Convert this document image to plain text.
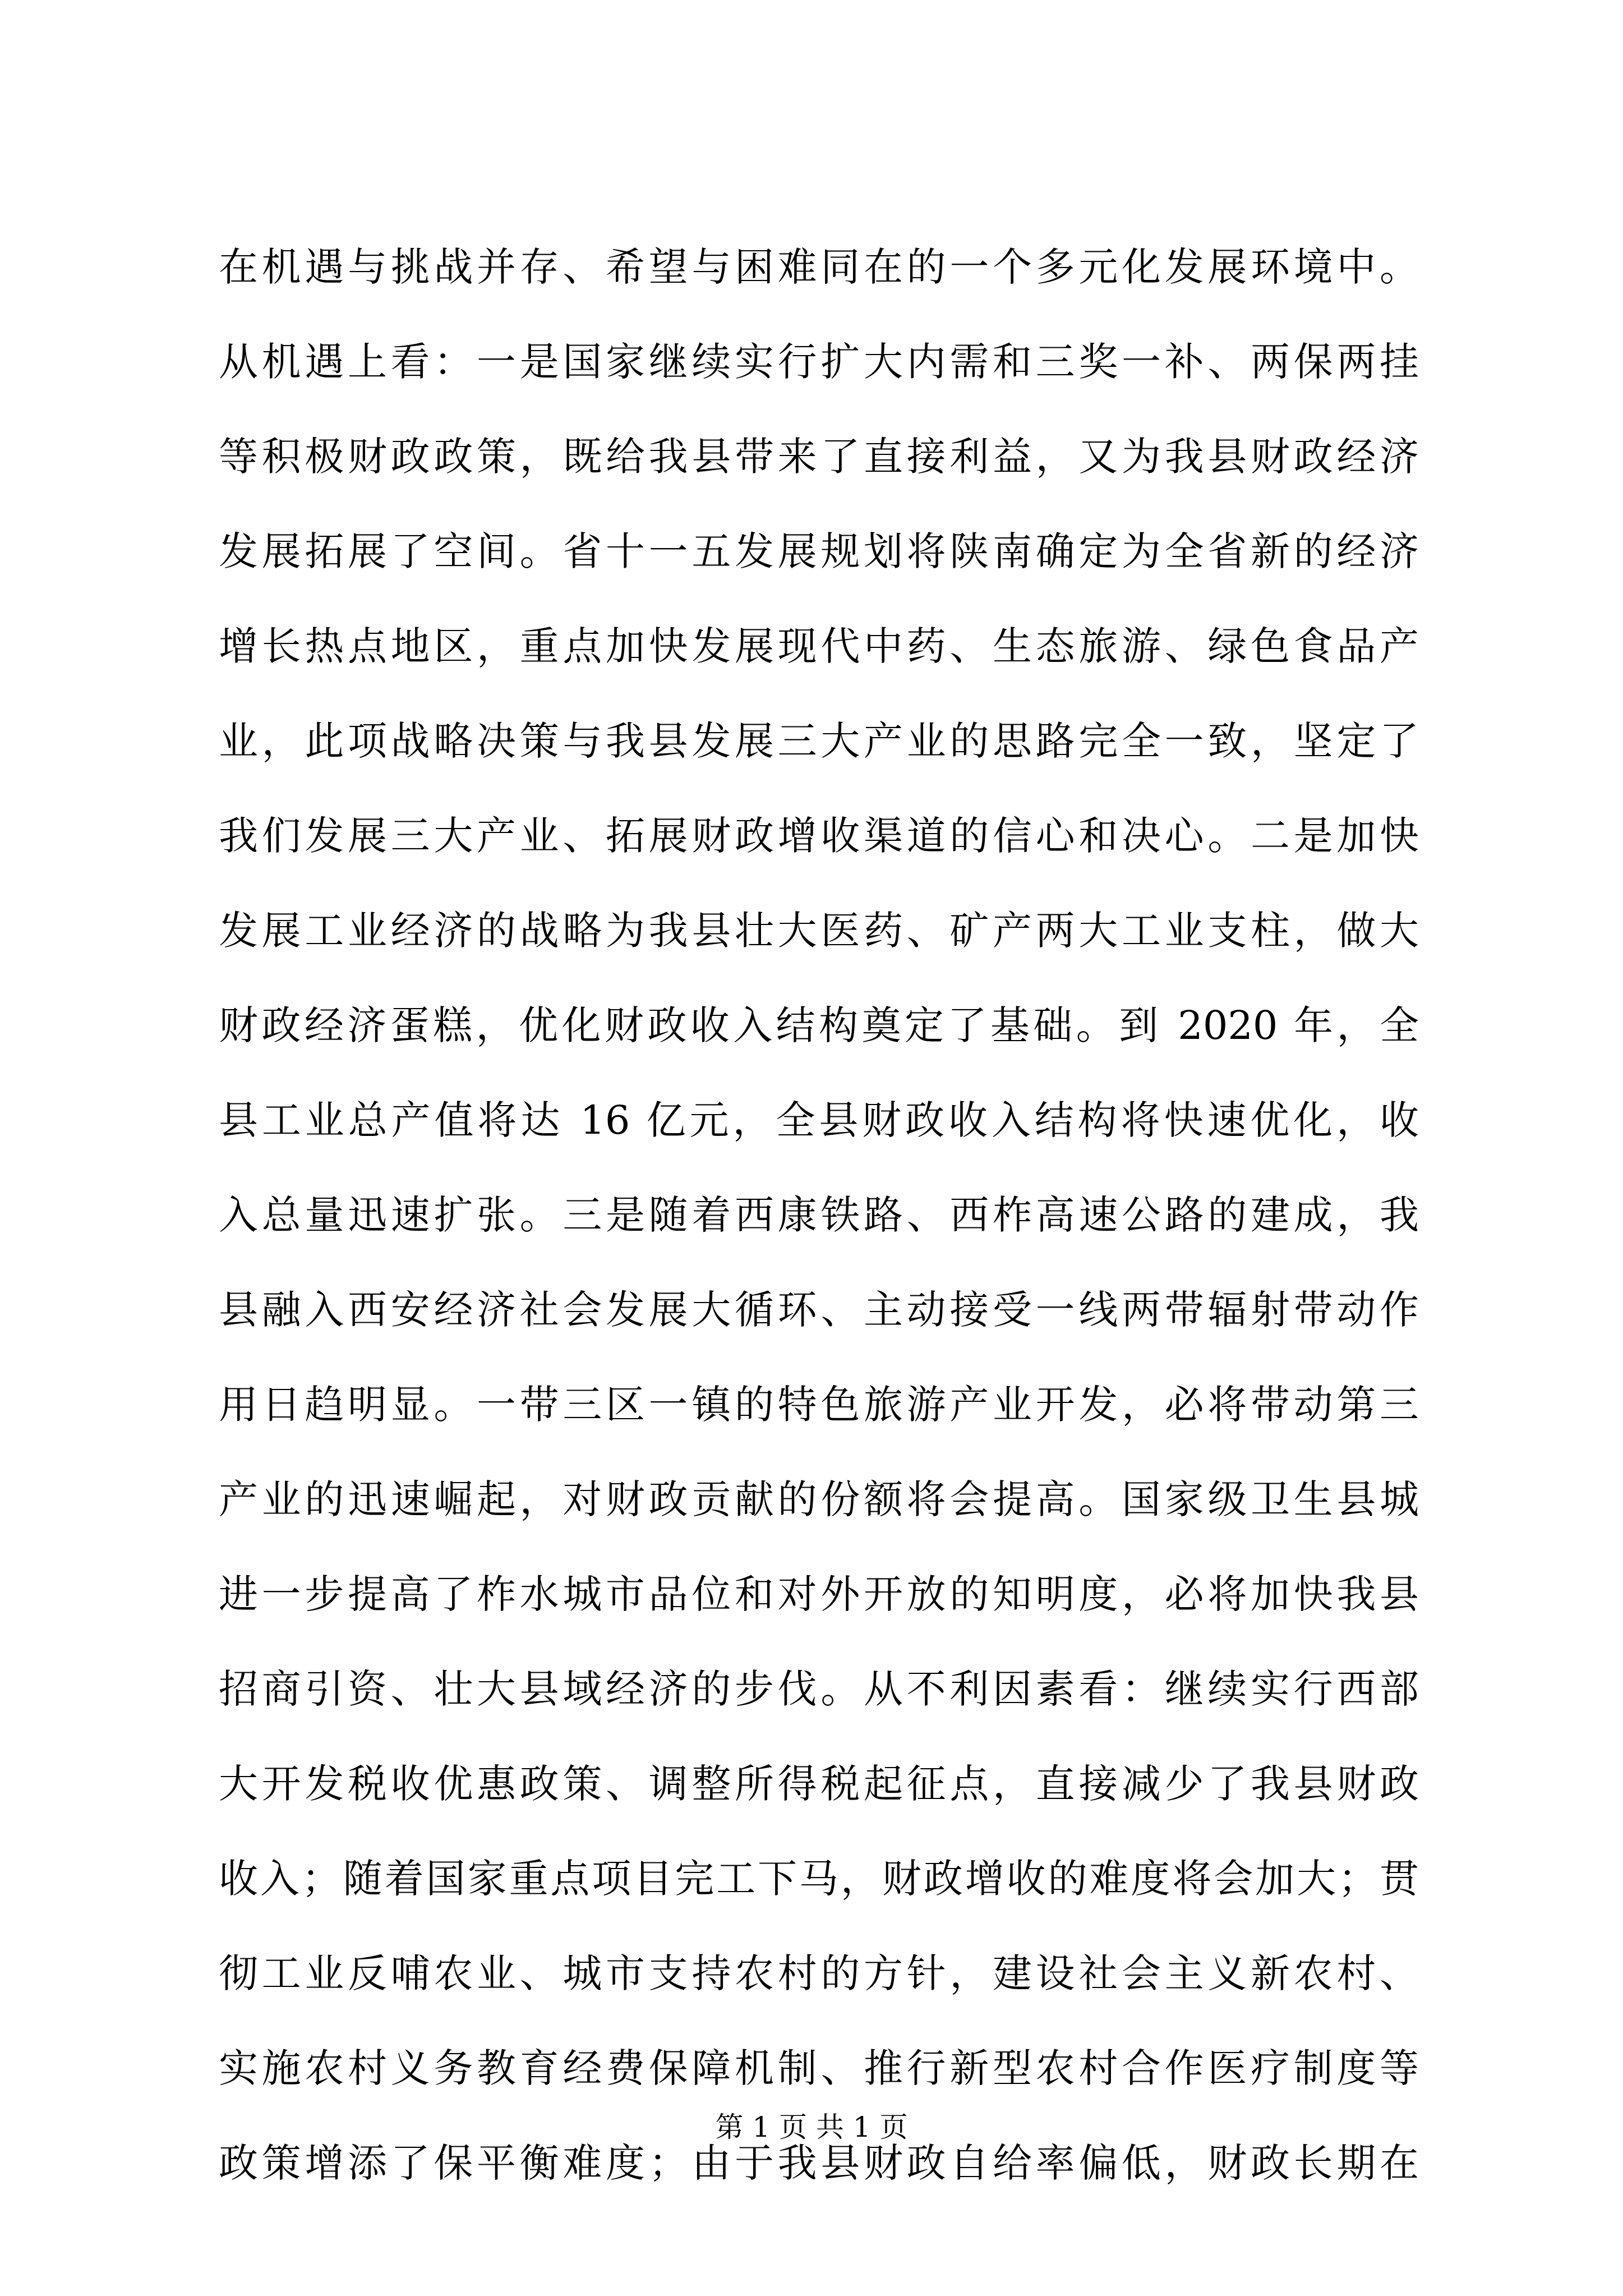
在机遇与挑战并存、希望与困难同在的一个多元化发展环境中。
从机遇上看：一是国家继续实行扩大内需和三奖一补、两保两挂
等积极财政政策，既给我县带来了直接利益，又为我县财政经济
发展拓展了空间。省十一五发展规划将陕南确定为全省新的经济
增长热点地区，重点加快发展现代中药、生态旅游、绿色食品产
业，此项战略决策与我县发展三大产业的思路完全一致，坚定了
我们发展三大产业、拓展财政增收渠道的信心和决心。二是加快
发展工业经济的战略为我县壮大医药、矿产两大工业支柱，做大
财政经济蛋糕，优化财政收入结构奠定了基础。到 2020 年，全
县工业总产值将达 16 亿元，全县财政收入结构将快速优化，收
入总量迅速扩张。三是随着西康铁路、西柞高速公路的建成，我
县融入西安经济社会发展大循环、主动接受一线两带辐射带动作
用日趋明显。一带三区一镇的特色旅游产业开发，必将带动第三
产业的迅速崛起，对财政贡献的份额将会提高。国家级卫生县城
进一步提高了柞水城市品位和对外开放的知明度，必将加快我县
招商引资、壮大县域经济的步伐。从不利因素看：继续实行西部
大开发税收优惠政策、调整所得税起征点，直接减少了我县财政
收入；随着国家重点项目完工下马，财政增收的难度将会加大；贯
彻工业反哺农业、城市支持农村的方针，建设社会主义新农村、
实施农村义务教育经费保障机制、推行新型农村合作医疗制度等
政策增添了保平衡难度；由于我县财政自给率偏低，财政长期在
第 1 页 共 1 页
